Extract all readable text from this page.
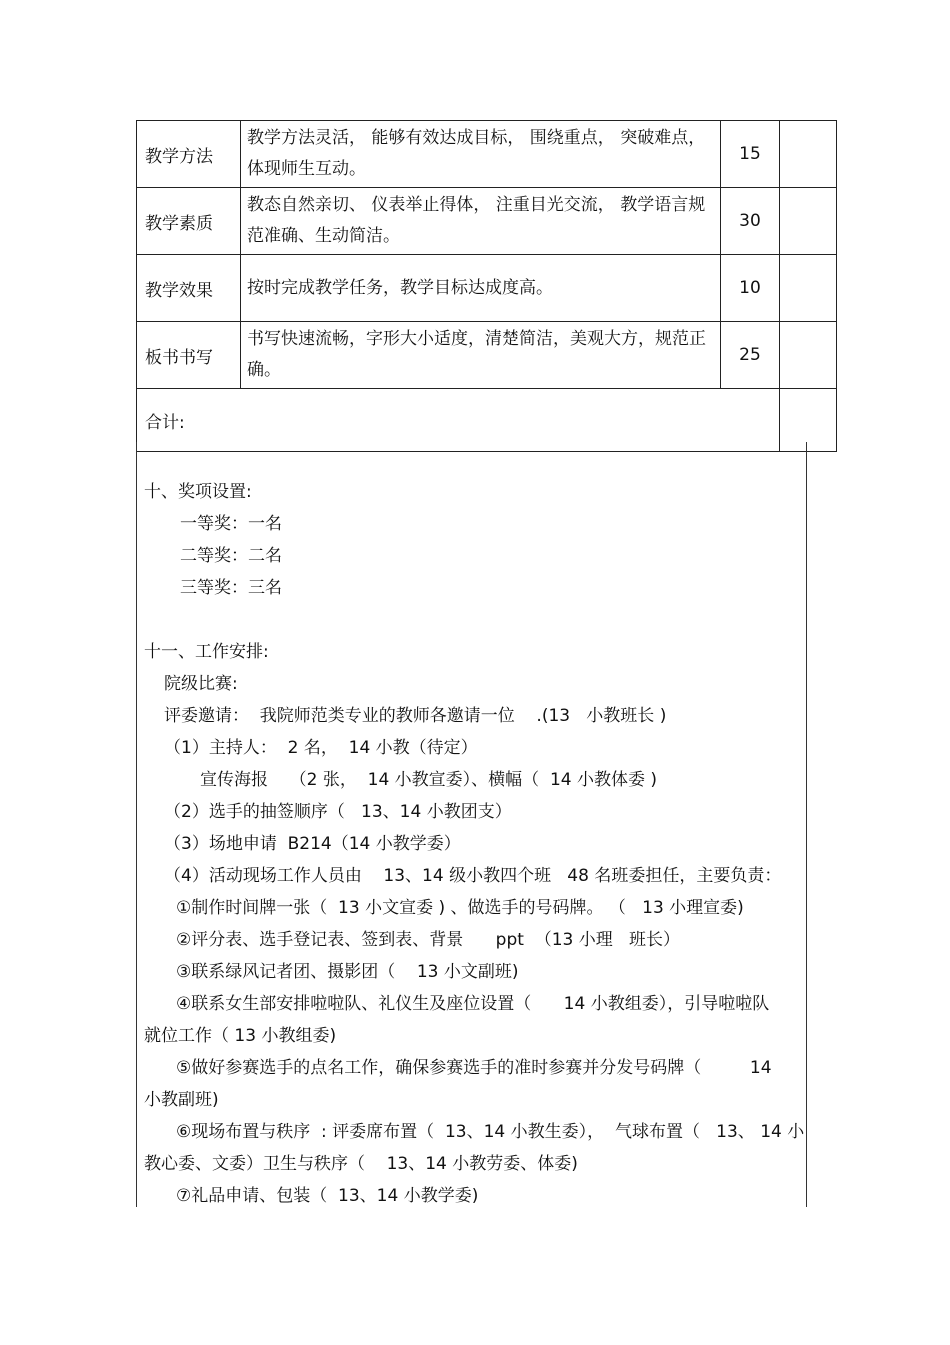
教学方法	教学方法灵活， 能够有效达成目标， 围绕重点， 突破难点，体现师生互动。	15	
教学素质	教态自然亲切、 仪表举止得体， 注重目光交流， 教学语言规范准确、生动简洁。	30	
教学效果	按时完成教学任务，教学目标达成度高。	10	
板书书写	书写快速流畅，字形大小适度，清楚简洁，美观大方，规范正确。	25	
合计:			
十、奖项设置:
一等奖：一名
二等奖：二名
三等奖：三名
十一、工作安排:
院级比赛:
评委邀请：  我院师范类专业的教师各邀请一位    .(13   小教班长 )
（1）主持人：  2 名，  14 小教（待定）
宣传海报    （2 张，  14 小教宣委）、横幅（  14 小教体委 )
（2）选手的抽签顺序（   13、14 小教团支）
（3）场地申请  B214（14 小教学委）
（4）活动现场工作人员由    13、14 级小教四个班   48 名班委担任，主要负责：
①制作时间牌一张（  13 小文宣委 ) 、做选手的号码牌。 （   13 小理宣委)
②评分表、选手登记表、签到表、背景      ppt  （13 小理   班长）
③联系绿风记者团、摄影团（    13 小文副班)
④联系女生部安排啦啦队、礼仪生及座位设置（      14 小教组委），引导啦啦队
就位工作（ 13 小教组委)
⑤做好参赛选手的点名工作，确保参赛选手的准时参赛并分发号码牌（         14
小教副班)
⑥现场布置与秩序  : 评委席布置（  13、14 小教生委），  气球布置（   13、 14 小
教心委、文委）卫生与秩序（    13、14 小教劳委、体委)
⑦礼品申请、包装（  13、14 小教学委)
